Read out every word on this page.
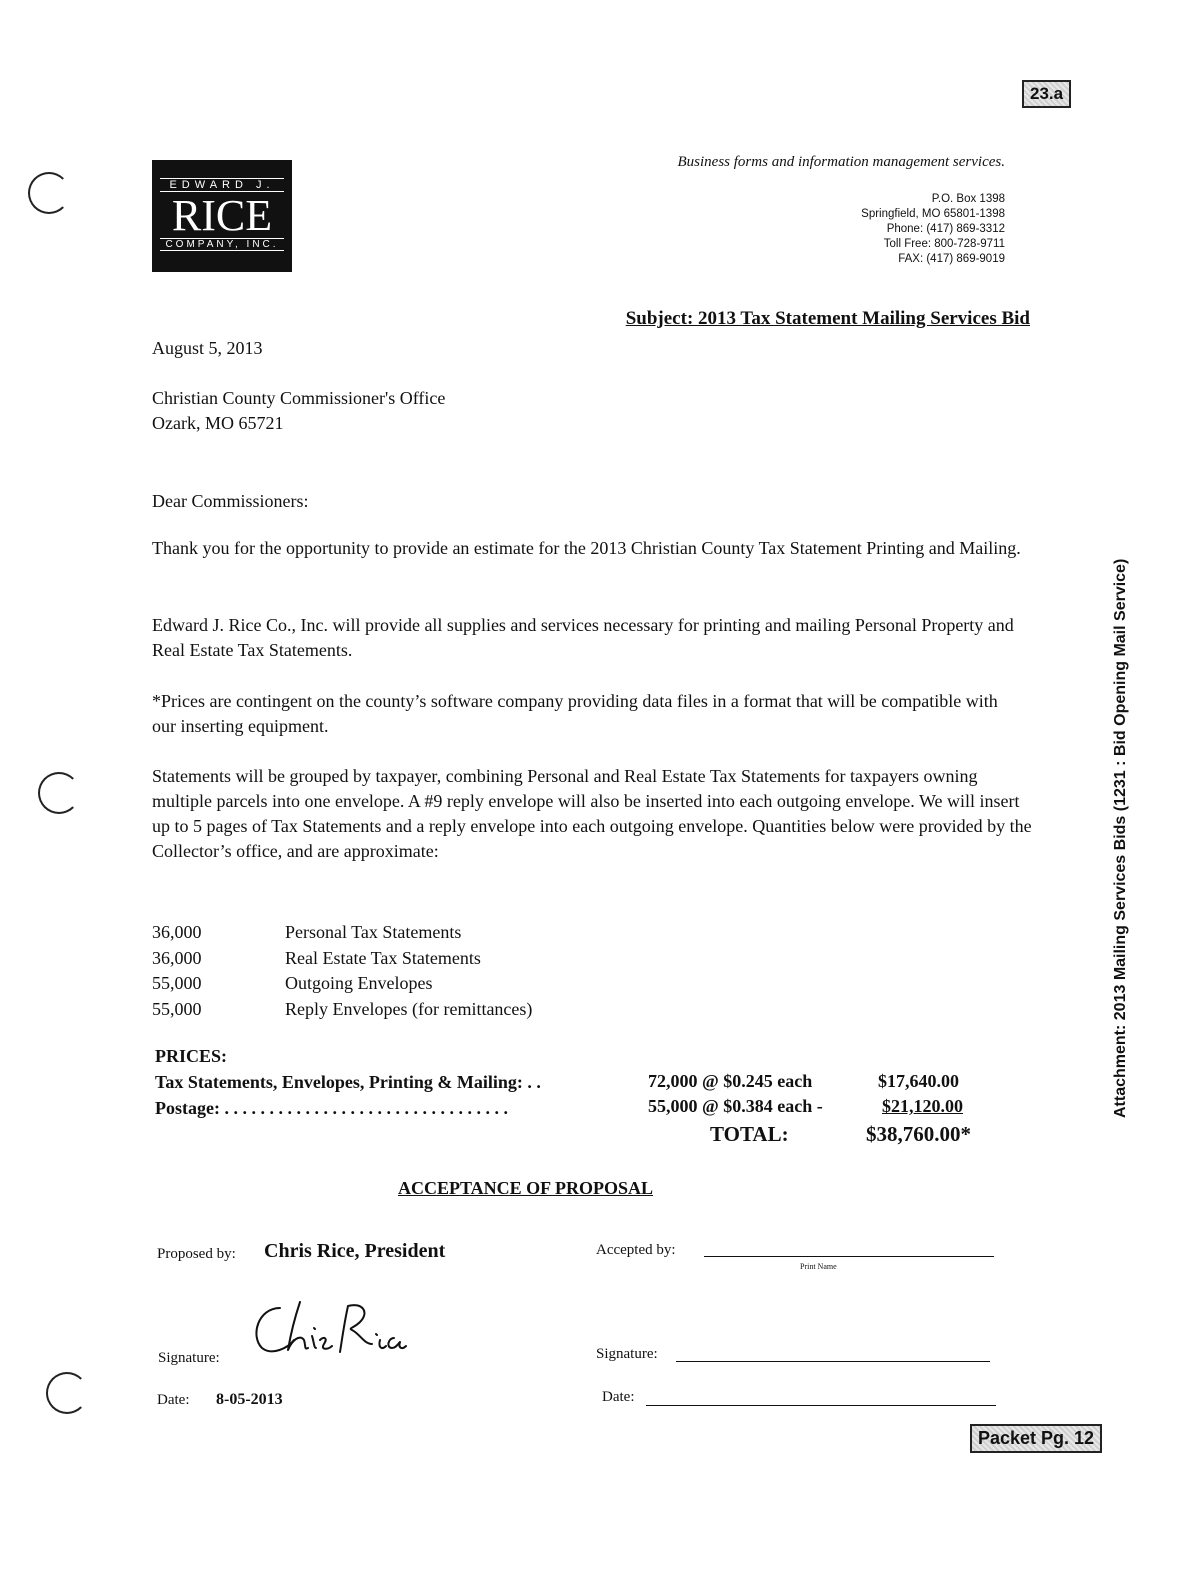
23.a
EDWARD J.
RICE
COMPANY, INC.
Business forms and information management services.
P.O. Box 1398
Springfield, MO 65801-1398
Phone: (417) 869-3312
Toll Free: 800-728-9711
FAX: (417) 869-9019
Subject: 2013 Tax Statement Mailing Services Bid
August 5, 2013
Christian County Commissioner's Office
Ozark, MO 65721
Dear Commissioners:
Thank you for the opportunity to provide an estimate for the 2013 Christian County Tax Statement Printing and Mailing.
Edward J. Rice Co., Inc. will provide all supplies and services necessary for printing and mailing Personal Property and Real Estate Tax Statements.
*Prices are contingent on the county’s software company providing data files in a format that will be compatible with our inserting equipment.
Statements will be grouped by taxpayer, combining Personal and Real Estate Tax Statements for taxpayers owning multiple parcels into one envelope. A #9 reply envelope will also be inserted into each outgoing envelope. We will insert up to 5 pages of Tax Statements and a reply envelope into each outgoing envelope. Quantities below were provided by the Collector’s office, and are approximate:
36,000	Personal Tax Statements
36,000	Real Estate Tax Statements
55,000	Outgoing Envelopes
55,000	Reply Envelopes (for remittances)
PRICES:
Tax Statements, Envelopes, Printing & Mailing: . .	72,000 @ $0.245 each	$17,640.00
Postage: . . . . . . . . . . . . . . . . . . . . . . . . . . . . . . . .	55,000 @ $0.384 each -	$21,120.00
TOTAL:	$38,760.00*
ACCEPTANCE OF PROPOSAL
Proposed by: Chris Rice, President	Accepted by:
Print Name
Signature:	Signature:
Date: 8-05-2013	Date:
Packet Pg. 12
Attachment: 2013 Mailing Services Bids (1231 : Bid Opening Mail Service)
